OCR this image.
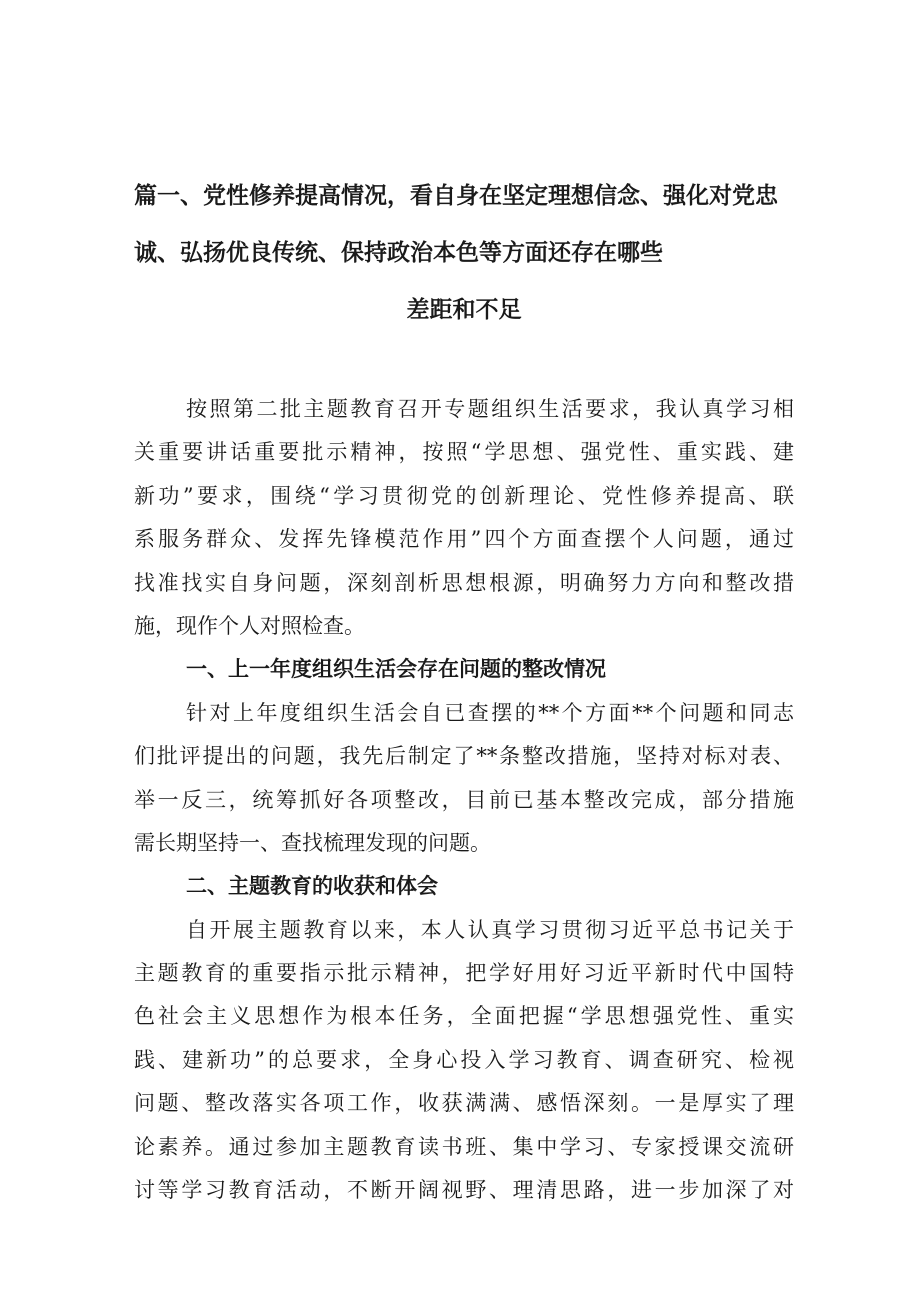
篇一、党性修养提高情况，看自身在坚定理想信念、强化对党忠
诚、弘扬优良传统、保持政治本色等方面还存在哪些
差距和不足
按照第二批主题教育召开专题组织生活要求，我认真学习相
关重要讲话重要批示精神，按照“学思想、强党性、重实践、建
新功”要求，围绕“学习贯彻党的创新理论、党性修养提高、联
系服务群众、发挥先锋模范作用”四个方面查摆个人问题，通过
找准找实自身问题，深刻剖析思想根源，明确努力方向和整改措
施，现作个人对照检查。
一、上一年度组织生活会存在问题的整改情况
针对上年度组织生活会自已查摆的**个方面**个问题和同志
们批评提出的问题，我先后制定了**条整改措施，坚持对标对表、
举一反三，统筹抓好各项整改，目前已基本整改完成，部分措施
需长期坚持一、查找梳理发现的问题。
二、主题教育的收获和体会
自开展主题教育以来，本人认真学习贯彻习近平总书记关于
主题教育的重要指示批示精神，把学好用好习近平新时代中国特
色社会主义思想作为根本任务，全面把握“学思想强党性、重实
践、建新功”的总要求，全身心投入学习教育、调查研究、检视
问题、整改落实各项工作，收获满满、感悟深刻。一是厚实了理
论素养。通过参加主题教育读书班、集中学习、专家授课交流研
讨等学习教育活动，不断开阔视野、理清思路，进一步加深了对
